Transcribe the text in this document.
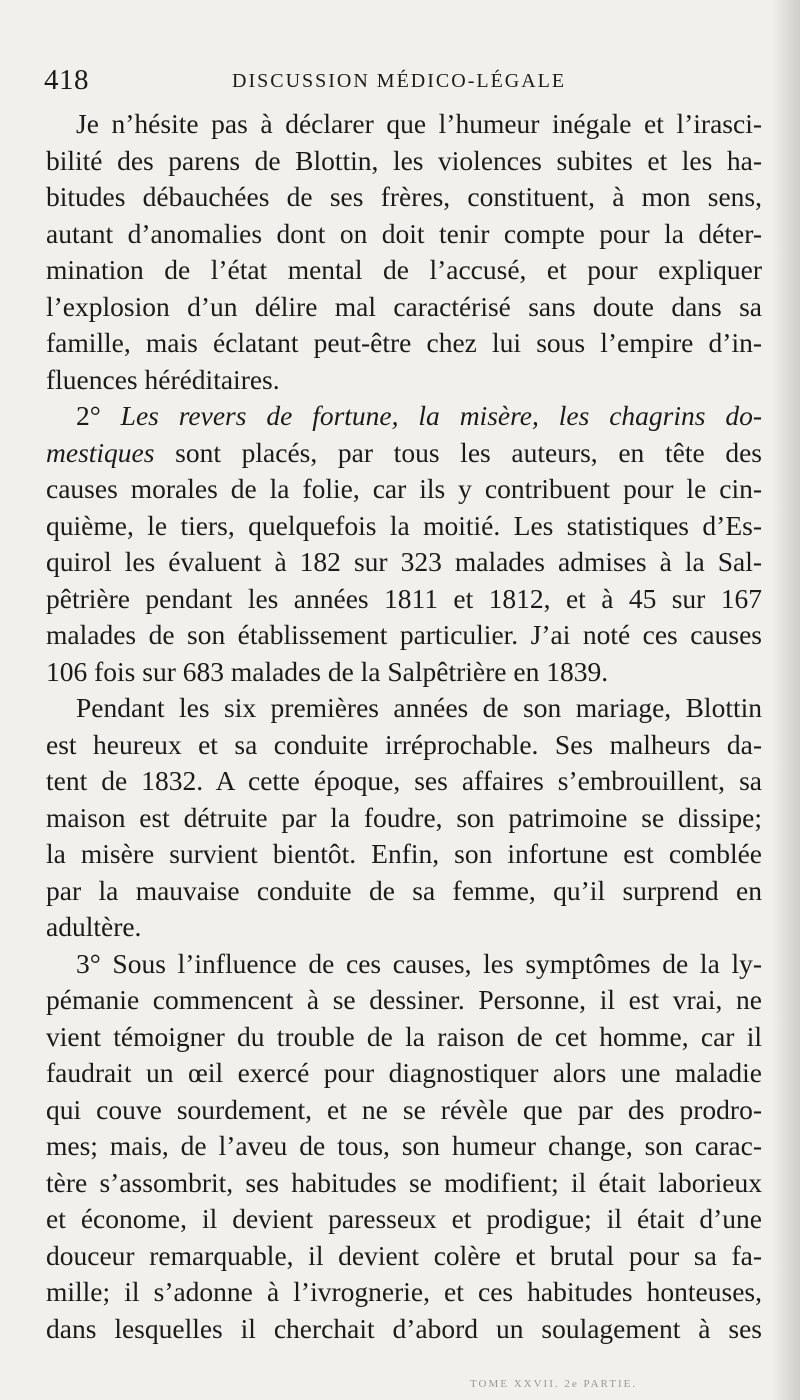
418	DISCUSSION MÉDICO-LÉGALE
Je n’hésite pas à déclarer que l’humeur inégale et l’irasci-
bilité des parens de Blottin, les violences subites et les ha-
bitudes débauchées de ses frères, constituent, à mon sens,
autant d’anomalies dont on doit tenir compte pour la déter-
mination de l’état mental de l’accusé, et pour expliquer
l’explosion d’un délire mal caractérisé sans doute dans sa
famille, mais éclatant peut-être chez lui sous l’empire d’in-
fluences héréditaires.
2° Les revers de fortune, la misère, les chagrins do-
mestiques sont placés, par tous les auteurs, en tête des
causes morales de la folie, car ils y contribuent pour le cin-
quième, le tiers, quelquefois la moitié. Les statistiques d’Es-
quirol les évaluent à 182 sur 323 malades admises à la Sal-
pêtrière pendant les années 1811 et 1812, et à 45 sur 167
malades de son établissement particulier. J’ai noté ces causes
106 fois sur 683 malades de la Salpêtrière en 1839.
Pendant les six premières années de son mariage, Blottin
est heureux et sa conduite irréprochable. Ses malheurs da-
tent de 1832. A cette époque, ses affaires s’embrouillent, sa
maison est détruite par la foudre, son patrimoine se dissipe;
la misère survient bientôt. Enfin, son infortune est comblée
par la mauvaise conduite de sa femme, qu’il surprend en
adultère.
3° Sous l’influence de ces causes, les symptômes de la ly-
pémanie commencent à se dessiner. Personne, il est vrai, ne
vient témoigner du trouble de la raison de cet homme, car il
faudrait un œil exercé pour diagnostiquer alors une maladie
qui couve sourdement, et ne se révèle que par des prodro-
mes; mais, de l’aveu de tous, son humeur change, son carac-
tère s’assombrit, ses habitudes se modifient; il était laborieux
et économe, il devient paresseux et prodigue; il était d’une
douceur remarquable, il devient colère et brutal pour sa fa-
mille; il s’adonne à l’ivrognerie, et ces habitudes honteuses,
dans lesquelles il cherchait d’abord un soulagement à ses
TOME XXVII. 2e PARTIE.
